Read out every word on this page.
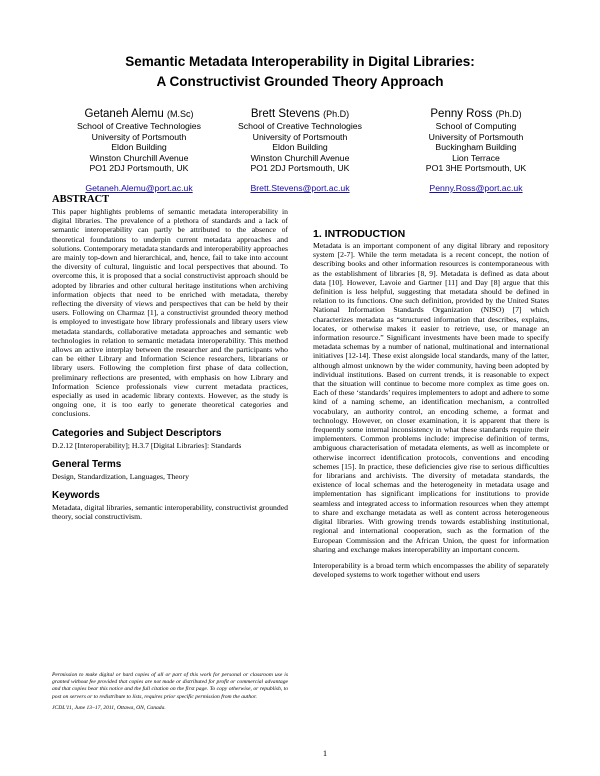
Semantic Metadata Interoperability in Digital Libraries:
A Constructivist Grounded Theory Approach
Getaneh Alemu (M.Sc)
School of Creative Technologies
University of Portsmouth
Eldon Building
Winston Churchill Avenue
PO1 2DJ Portsmouth, UK
Getaneh.Alemu@port.ac.uk
Brett Stevens (Ph.D)
School of Creative Technologies
University of Portsmouth
Eldon Building
Winston Churchill Avenue
PO1 2DJ Portsmouth, UK
Brett.Stevens@port.ac.uk
Penny Ross (Ph.D)
School of Computing
University of Portsmouth
Buckingham Building
Lion Terrace
PO1 3HE Portsmouth, UK
Penny.Ross@port.ac.uk
ABSTRACT

This paper highlights problems of semantic metadata interoperability in digital libraries. The prevalence of a plethora of standards and a lack of semantic interoperability can partly be attributed to the absence of theoretical foundations to underpin current metadata approaches and solutions. Contemporary metadata standards and interoperability approaches are mainly top-down and hierarchical, and, hence, fail to take into account the diversity of cultural, linguistic and local perspectives that abound. To overcome this, it is proposed that a social constructivist approach should be adopted by libraries and other cultural heritage institutions when archiving information objects that need to be enriched with metadata, thereby reflecting the diversity of views and perspectives that can be held by their users. Following on Charmaz [1], a constructivist grounded theory method is employed to investigate how library professionals and library users view metadata standards, collaborative metadata approaches and semantic web technologies in relation to semantic metadata interoperability. This method allows an active interplay between the researcher and the participants who can be either Library and Information Science researchers, librarians or library users. Following the completion first phase of data collection, preliminary reflections are presented, with emphasis on how Library and Information Science professionals view current metadata practices, especially as used in academic library contexts. However, as the study is ongoing one, it is too early to generate theoretical categories and conclusions.

Categories and Subject Descriptors

D.2.12 [Interoperability]; H.3.7 [Digital Libraries]: Standards

General Terms

Design, Standardization, Languages, Theory

Keywords

Metadata, digital libraries, semantic interoperability, constructivist grounded theory, social constructivism.

Permission to make digital or hard copies of all or part of this work for personal or classroom use is granted without fee provided that copies are not made or distributed for profit or commercial advantage and that copies bear this notice and the full citation on the first page. To copy otherwise, or republish, to post on servers or to redistribute to lists, requires prior specific permission from the author.

JCDL'11, June 13–17, 2011, Ottawa, ON, Canada.

1. INTRODUCTION

Metadata is an important component of any digital library and repository system [2-7]. While the term metadata is a recent concept, the notion of describing books and other information resources is contemporaneous with as the establishment of libraries [8, 9]. Metadata is defined as data about data [10]. However, Lavoie and Gartner [11] and Day [8] argue that this definition is less helpful, suggesting that metadata should be defined in relation to its functions. One such definition, provided by the United States National Information Standards Organization (NISO) [7] which characterizes metadata as “structured information that describes, explains, locates, or otherwise makes it easier to retrieve, use, or manage an information resource.” Significant investments have been made to specify metadata schemas by a number of national, multinational and international initiatives [12-14]. These exist alongside local standards, many of the latter, although almost unknown by the wider community, having been adopted by individual institutions. Based on current trends, it is reasonable to expect that the situation will continue to become more complex as time goes on. Each of these ‘standards’ requires implementers to adopt and adhere to some kind of a naming scheme, an identification mechanism, a controlled vocabulary, an authority control, an encoding scheme, a format and technology. However, on closer examination, it is apparent that there is frequently some internal inconsistency in what these standards require their implementers. Common problems include: imprecise definition of terms, ambiguous characterisation of metadata elements, as well as incomplete or otherwise incorrect identification protocols, conventions and encoding schemes [15]. In practice, these deficiencies give rise to serious difficulties for librarians and archivists. The diversity of metadata standards, the existence of local schemas and the heterogeneity in metadata usage and implementation has significant implications for institutions to provide seamless and integrated access to information resources when they attempt to share and exchange metadata as well as content across heterogeneous digital libraries. With growing trends towards establishing institutional, regional and international cooperation, such as the formation of the European Commission and the African Union, the quest for information sharing and exchange makes interoperability an important concern.

Interoperability is a broad term which encompasses the ability of separately developed systems to work together without end users

1
